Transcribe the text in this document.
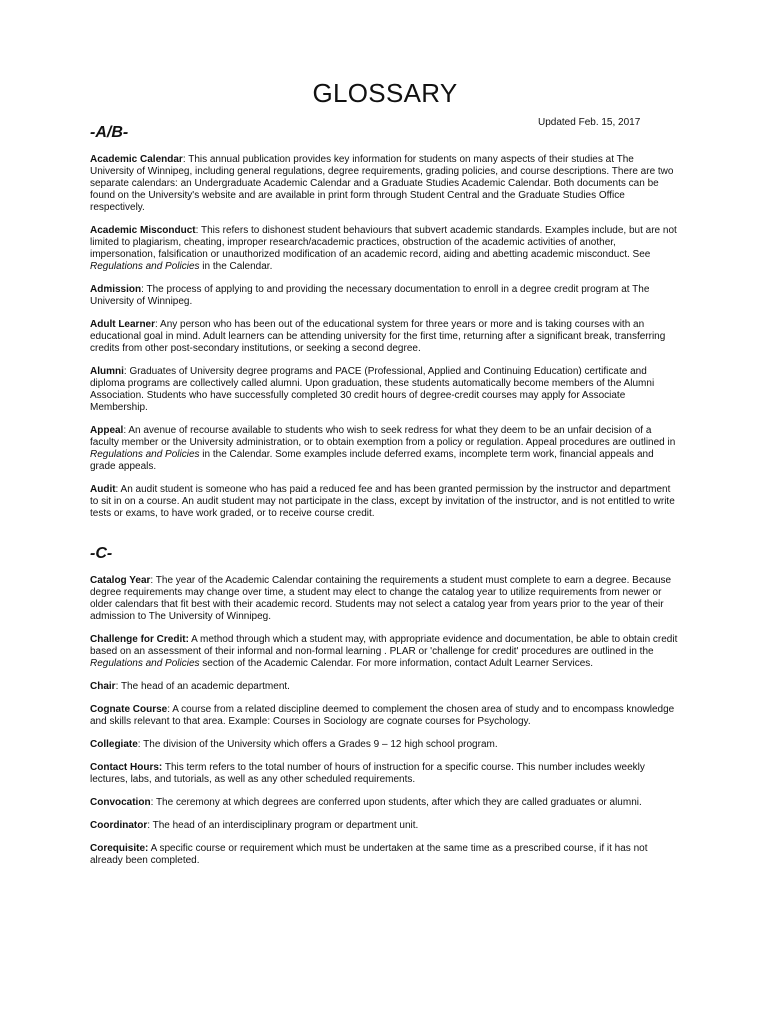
GLOSSARY

Updated Feb. 15, 2017

-A/B-

Academic Calendar: This annual publication provides key information for students on many aspects of their studies at The University of Winnipeg, including general regulations, degree requirements, grading policies, and course descriptions. There are two separate calendars: an Undergraduate Academic Calendar and a Graduate Studies Academic Calendar. Both documents can be found on the University's website and are available in print form through Student Central and the Graduate Studies Office respectively.

Academic Misconduct: This refers to dishonest student behaviours that subvert academic standards. Examples include, but are not limited to plagiarism, cheating, improper research/academic practices, obstruction of the academic activities of another, impersonation, falsification or unauthorized modification of an academic record, aiding and abetting academic misconduct. See Regulations and Policies in the Calendar.

Admission: The process of applying to and providing the necessary documentation to enroll in a degree credit program at The University of Winnipeg.

Adult Learner: Any person who has been out of the educational system for three years or more and is taking courses with an educational goal in mind. Adult learners can be attending university for the first time, returning after a significant break, transferring credits from other post-secondary institutions, or seeking a second degree.

Alumni: Graduates of University degree programs and PACE (Professional, Applied and Continuing Education) certificate and diploma programs are collectively called alumni. Upon graduation, these students automatically become members of the Alumni Association. Students who have successfully completed 30 credit hours of degree-credit courses may apply for Associate Membership.

Appeal: An avenue of recourse available to students who wish to seek redress for what they deem to be an unfair decision of a faculty member or the University administration, or to obtain exemption from a policy or regulation. Appeal procedures are outlined in Regulations and Policies in the Calendar. Some examples include deferred exams, incomplete term work, financial appeals and grade appeals.

Audit: An audit student is someone who has paid a reduced fee and has been granted permission by the instructor and department to sit in on a course. An audit student may not participate in the class, except by invitation of the instructor, and is not entitled to write tests or exams, to have work graded, or to receive course credit.

-C-

Catalog Year: The year of the Academic Calendar containing the requirements a student must complete to earn a degree. Because degree requirements may change over time, a student may elect to change the catalog year to utilize requirements from newer or older calendars that fit best with their academic record. Students may not select a catalog year from years prior to the year of their admission to The University of Winnipeg.

Challenge for Credit: A method through which a student may, with appropriate evidence and documentation, be able to obtain credit based on an assessment of their informal and non-formal learning . PLAR or 'challenge for credit' procedures are outlined in the Regulations and Policies section of the Academic Calendar. For more information, contact Adult Learner Services.

Chair: The head of an academic department.

Cognate Course: A course from a related discipline deemed to complement the chosen area of study and to encompass knowledge and skills relevant to that area. Example: Courses in Sociology are cognate courses for Psychology.

Collegiate: The division of the University which offers a Grades 9 – 12 high school program.

Contact Hours: This term refers to the total number of hours of instruction for a specific course. This number includes weekly lectures, labs, and tutorials, as well as any other scheduled requirements.

Convocation: The ceremony at which degrees are conferred upon students, after which they are called graduates or alumni.

Coordinator: The head of an interdisciplinary program or department unit.

Corequisite: A specific course or requirement which must be undertaken at the same time as a prescribed course, if it has not already been completed.
